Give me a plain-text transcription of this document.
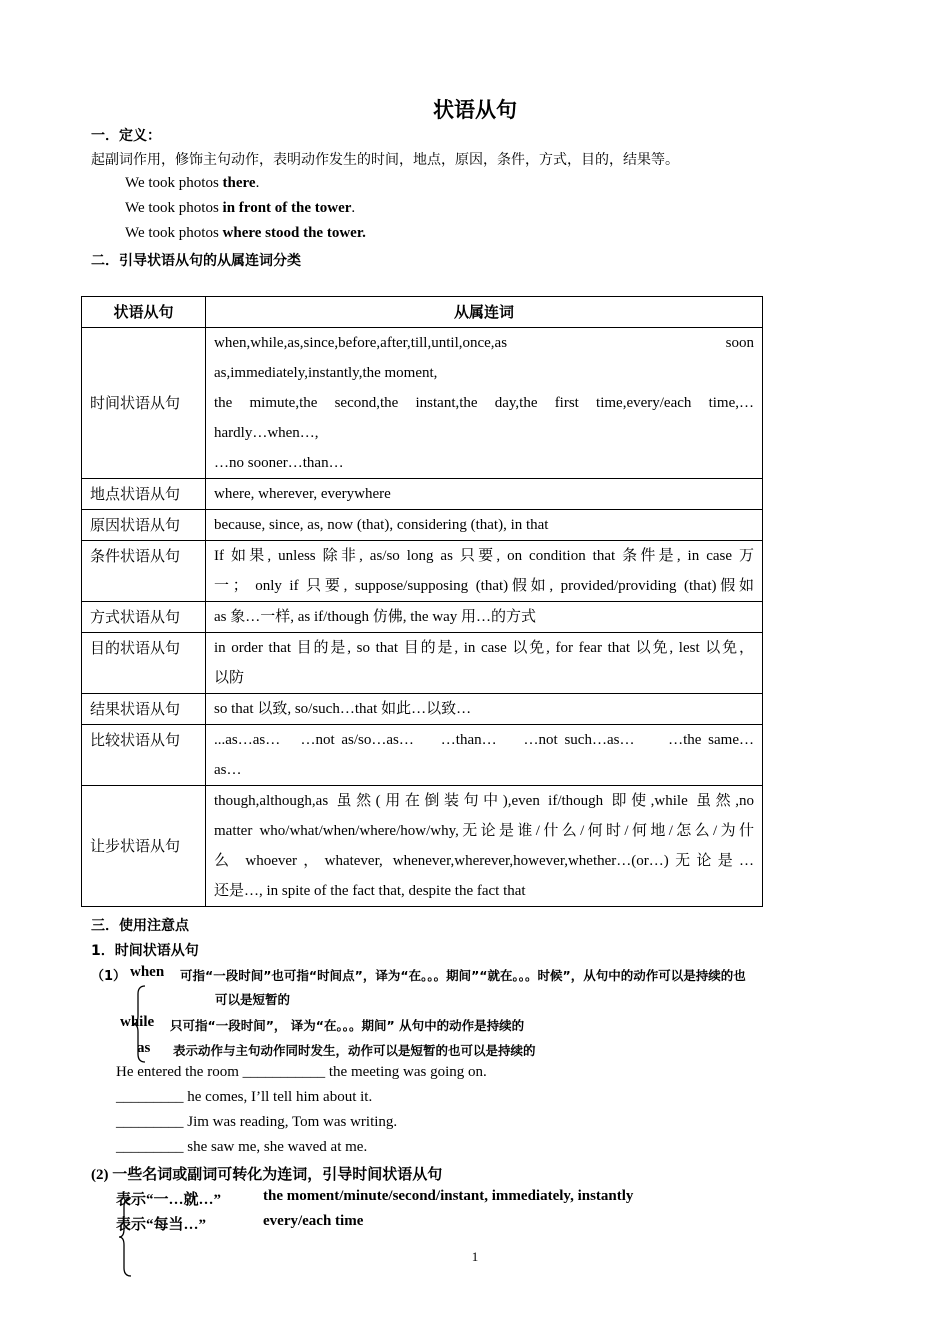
状语从句
一．定义：
起副词作用，修饰主句动作，表明动作发生的时间，地点，原因，条件，方式，目的，结果等。
We took photos there.
We took photos in front of the tower.
We took photos where stood the tower.
二．引导状语从句的从属连词分类
状语从句	从属连词
时间状语从句	when,while,as,since,before,after,till,until,once,as                                  soon
as,immediately,instantly,the moment,
the mimute,the second,the instant,the day,the first time,every/each time,…
hardly…when…,
…no sooner…than…

地点状语从句	where, wherever, everywhere
原因状语从句	because, since, as, now (that), considering (that), in that
条件状语从句	If 如果, unless 除非, as/so long as 只要, on condition that 条件是, in case 万
一； only if 只要, suppose/supposing (that)假如, provided/providing (that)假如

方式状语从句	as 象…一样, as if/though 仿佛, the way 用…的方式
目的状语从句	in order that 目的是, so that 目的是, in case 以免, for fear that 以免, lest 以免，
以防

结果状语从句	so that 以致, so/such…that 如此…以致…
比较状语从句	...as…as…   …not as/so…as…    …than…    …not such…as…     …the same…
as…

让步状语从句	though,although,as 虽然(用在倒装句中),even if/though 即使,while 虽然,no
matter who/what/when/where/how/why,无论是谁/什么/何时/何地/怎么/为什
么 whoever，whatever, whenever,wherever,however,whether…(or…)无论是…
还是…, in spite of the fact that, despite the fact that
三．使用注意点
1．时间状语从句
（1） when 可指“一段时间”也可指“时间点”，译为“在。。。期间”“就在。。。时候”，从句中的动作可以是持续的也
可以是短暂的
while 只可指“一段时间”， 译为“在。。。期间” 从句中的动作是持续的
as 表示动作与主句动作同时发生，动作可以是短暂的也可以是持续的
He entered the room ___________ the meeting was going on.
_________ he comes, I’ll tell him about it.
_________ Jim was reading, Tom was writing.
_________ she saw me, she waved at me.
(2) 一些名词或副词可转化为连词，引导时间状语从句
表示“一…就…”	the moment/minute/second/instant, immediately, instantly
表示“每当…”	every/each time
1
